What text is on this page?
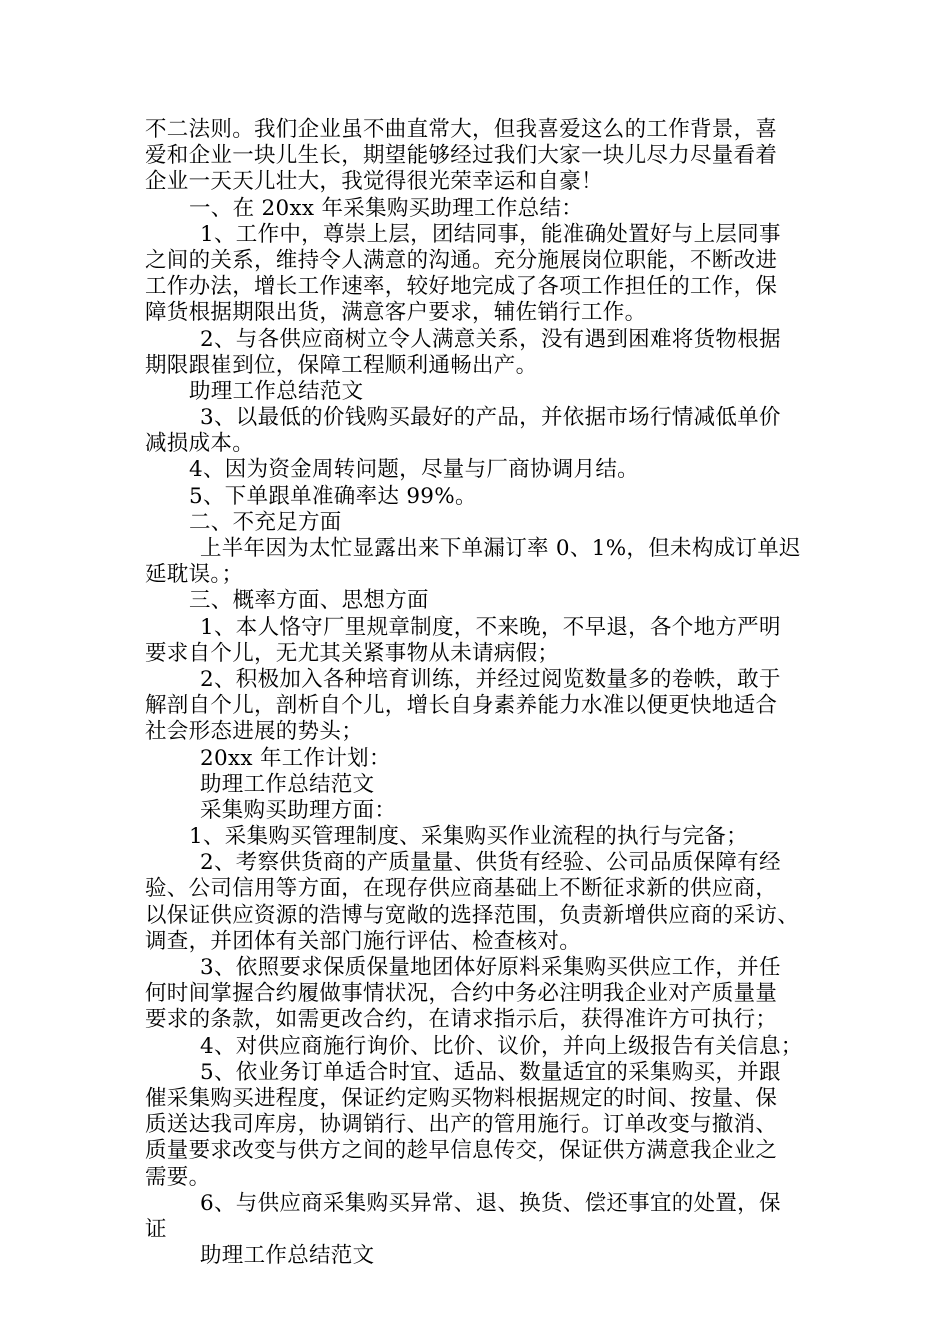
不二法则。我们企业虽不曲直常大，但我喜爱这么的工作背景，喜
爱和企业一块儿生长，期望能够经过我们大家一块儿尽力尽量看着
企业一天天儿壮大，我觉得很光荣幸运和自豪！
一、在 20xx 年采集购买助理工作总结：
1、工作中，尊崇上层，团结同事，能准确处置好与上层同事
之间的关系，维持令人满意的沟通。充分施展岗位职能，不断改进
工作办法，增长工作速率，较好地完成了各项工作担任的工作，保
障货根据期限出货，满意客户要求，辅佐销行工作。
2、与各供应商树立令人满意关系，没有遇到困难将货物根据
期限跟崔到位，保障工程顺利通畅出产。
助理工作总结范文
3、以最低的价钱购买最好的产品，并依据市场行情减低单价
减损成本。
4、因为资金周转问题，尽量与厂商协调月结。
5、下单跟单准确率达 99%。
二、不充足方面
上半年因为太忙显露出来下单漏订率 0、1%，但未构成订单迟
延耽误。；
三、概率方面、思想方面
1、本人恪守厂里规章制度，不来晚，不早退，各个地方严明
要求自个儿，无尤其关紧事物从未请病假；
2、积极加入各种培育训练，并经过阅览数量多的卷帙，敢于
解剖自个儿，剖析自个儿，增长自身素养能力水准以便更快地适合
社会形态进展的势头；
20xx 年工作计划：
助理工作总结范文
采集购买助理方面：
1、采集购买管理制度、采集购买作业流程的执行与完备；
2、考察供货商的产质量量、供货有经验、公司品质保障有经
验、公司信用等方面，在现存供应商基础上不断征求新的供应商，
以保证供应资源的浩博与宽敞的选择范围，负责新增供应商的采访、
调查，并团体有关部门施行评估、检查核对。
3、依照要求保质保量地团体好原料采集购买供应工作，并任
何时间掌握合约履做事情状况，合约中务必注明我企业对产质量量
要求的条款，如需更改合约，在请求指示后，获得准许方可执行；
4、对供应商施行询价、比价、议价，并向上级报告有关信息；
5、依业务订单适合时宜、适品、数量适宜的采集购买，并跟
催采集购买进程度，保证约定购买物料根据规定的时间、按量、保
质送达我司库房，协调销行、出产的管用施行。订单改变与撤消、
质量要求改变与供方之间的趁早信息传交，保证供方满意我企业之
需要。
6、与供应商采集购买异常、退、换货、偿还事宜的处置，保
证
助理工作总结范文
